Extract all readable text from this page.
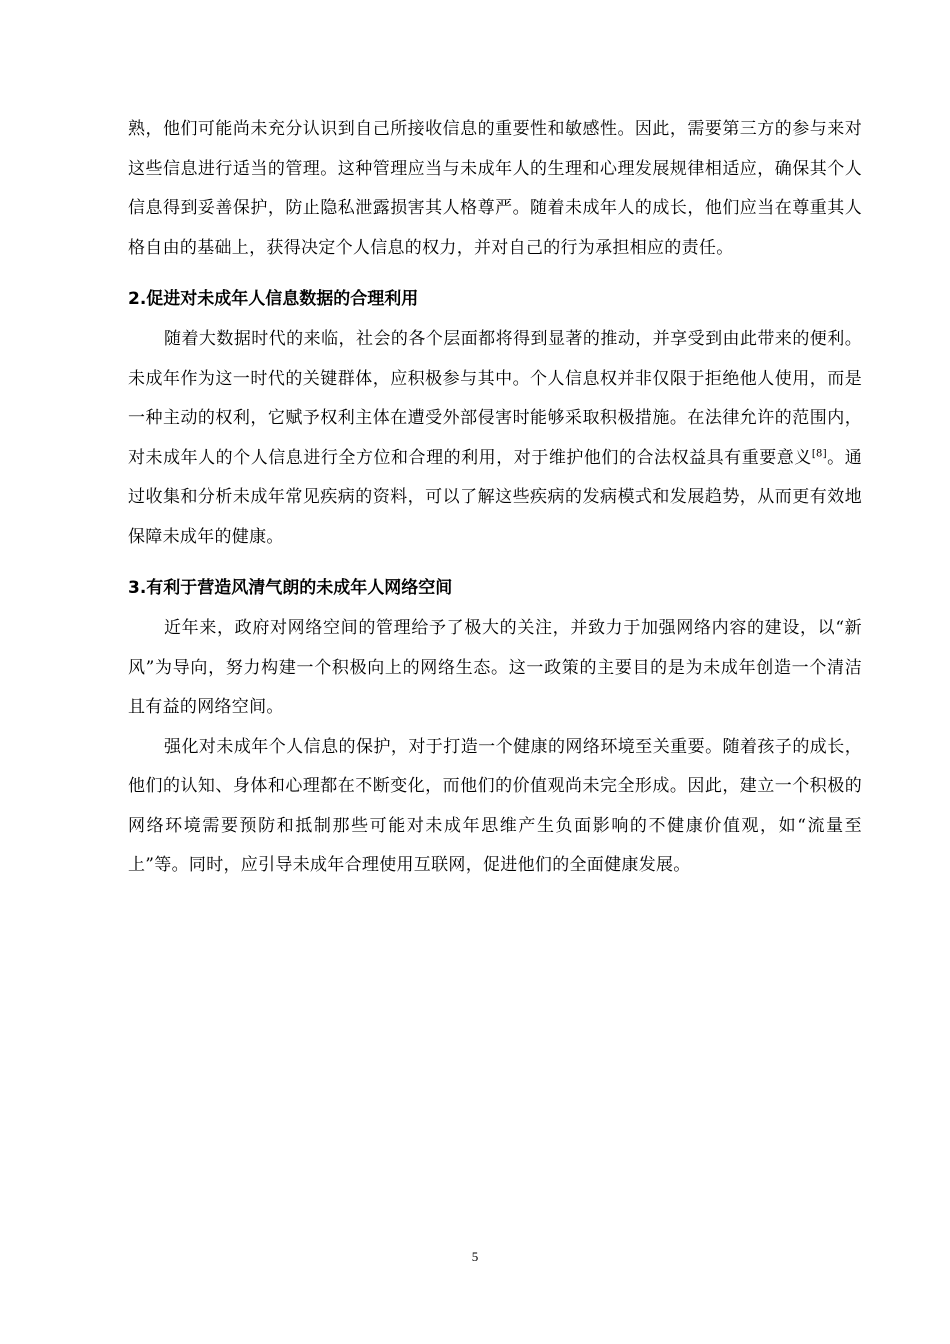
熟，他们可能尚未充分认识到自己所接收信息的重要性和敏感性。因此，需要第三方的参与来对这些信息进行适当的管理。这种管理应当与未成年人的生理和心理发展规律相适应，确保其个人信息得到妥善保护，防止隐私泄露损害其人格尊严。随着未成年人的成长，他们应当在尊重其人格自由的基础上，获得决定个人信息的权力，并对自己的行为承担相应的责任。

2.促进对未成年人信息数据的合理利用

随着大数据时代的来临，社会的各个层面都将得到显著的推动，并享受到由此带来的便利。未成年作为这一时代的关键群体，应积极参与其中。个人信息权并非仅限于拒绝他人使用，而是一种主动的权利，它赋予权利主体在遭受外部侵害时能够采取积极措施。在法律允许的范围内，对未成年人的个人信息进行全方位和合理的利用，对于维护他们的合法权益具有重要意义[8]。通过收集和分析未成年常见疾病的资料，可以了解这些疾病的发病模式和发展趋势，从而更有效地保障未成年的健康。

3.有利于营造风清气朗的未成年人网络空间

近年来，政府对网络空间的管理给予了极大的关注，并致力于加强网络内容的建设，以“新风”为导向，努力构建一个积极向上的网络生态。这一政策的主要目的是为未成年创造一个清洁且有益的网络空间。

强化对未成年个人信息的保护，对于打造一个健康的网络环境至关重要。随着孩子的成长，他们的认知、身体和心理都在不断变化，而他们的价值观尚未完全形成。因此，建立一个积极的网络环境需要预防和抵制那些可能对未成年思维产生负面影响的不健康价值观，如“流量至上”等。同时，应引导未成年合理使用互联网，促进他们的全面健康发展。

5
